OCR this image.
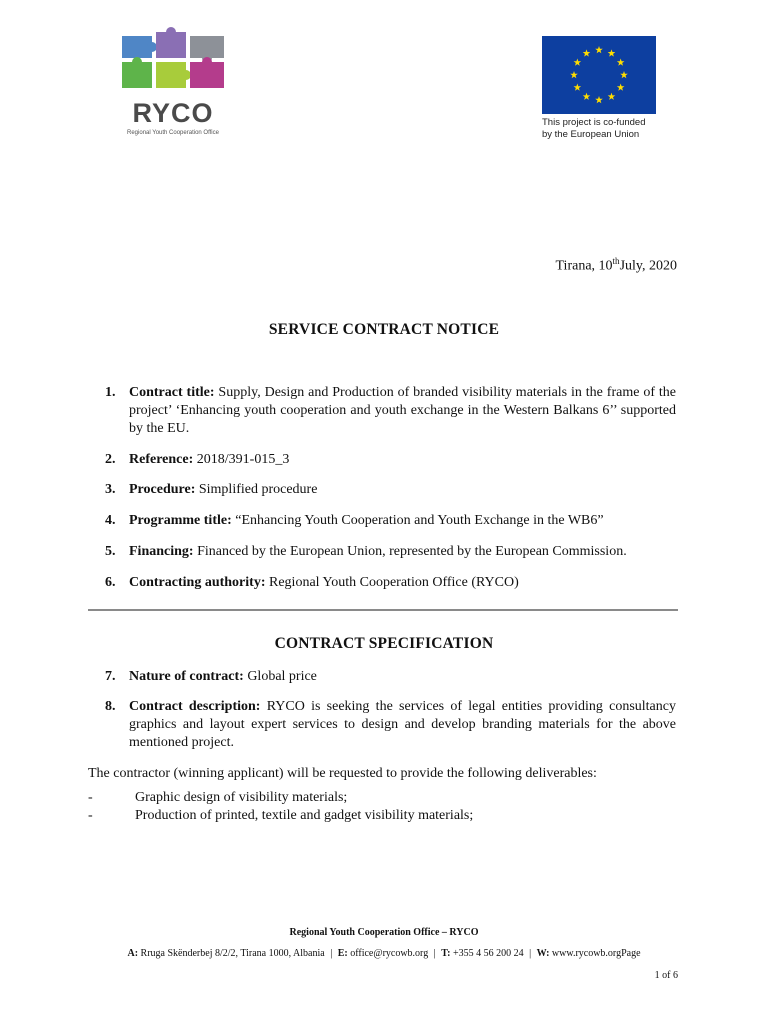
RYCO
Regional Youth Cooperation Office
This project is co-funded
by the European Union
Tirana, 10thJuly, 2020
SERVICE CONTRACT NOTICE
1. Contract title: Supply, Design and Production of branded visibility materials in the frame of the project’ ‘Enhancing youth cooperation and youth exchange in the Western Balkans 6’’ supported by the EU.
2. Reference: 2018/391-015_3
3. Procedure: Simplified procedure
4. Programme title: “Enhancing Youth Cooperation and Youth Exchange in the WB6”
5. Financing: Financed by the European Union, represented by the European Commission.
6. Contracting authority: Regional Youth Cooperation Office (RYCO)
CONTRACT SPECIFICATION
7. Nature of contract: Global price
8. Contract description: RYCO is seeking the services of legal entities providing consultancy graphics and layout expert services to design and develop branding materials for the above mentioned project.
The contractor (winning applicant) will be requested to provide the following deliverables:
-	Graphic design of visibility materials;
-	Production of printed, textile and gadget visibility materials;
Regional Youth Cooperation Office – RYCO
A: Rruga Skënderbej 8/2/2, Tirana 1000, Albania | E: office@rycowb.org | T: +355 4 56 200 24 | W: www.rycowb.orgPage
1 of 6
